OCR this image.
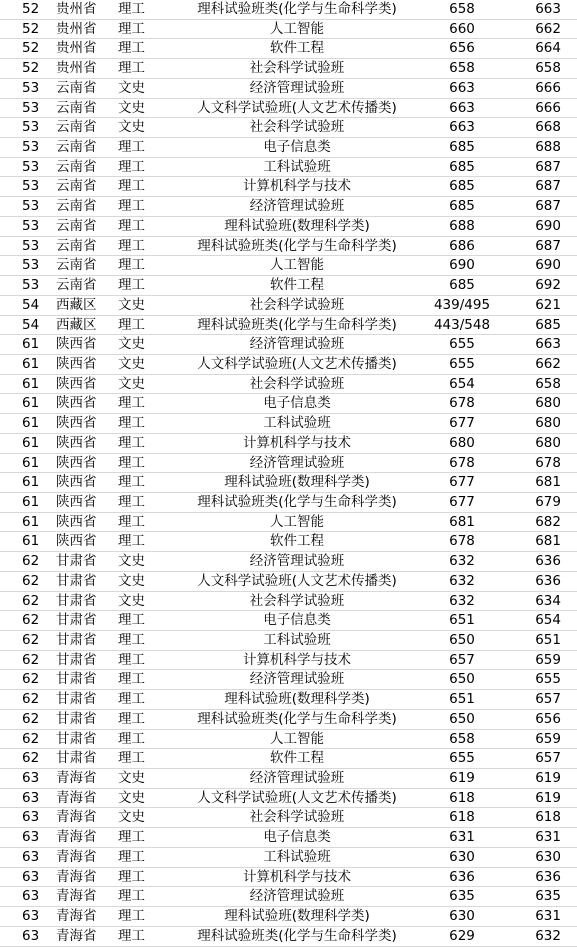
52	贵州省	理工	理科试验班类(化学与生命科学类)	658	663
52	贵州省	理工	人工智能	660	662
52	贵州省	理工	软件工程	656	664
52	贵州省	理工	社会科学试验班	658	658
53	云南省	文史	经济管理试验班	663	666
53	云南省	文史	人文科学试验班(人文艺术传播类)	663	666
53	云南省	文史	社会科学试验班	663	668
53	云南省	理工	电子信息类	685	688
53	云南省	理工	工科试验班	685	687
53	云南省	理工	计算机科学与技术	685	687
53	云南省	理工	经济管理试验班	685	687
53	云南省	理工	理科试验班(数理科学类)	688	690
53	云南省	理工	理科试验班类(化学与生命科学类)	686	687
53	云南省	理工	人工智能	690	690
53	云南省	理工	软件工程	685	692
54	西藏区	文史	社会科学试验班	439/495	621
54	西藏区	理工	理科试验班类(化学与生命科学类)	443/548	685
61	陕西省	文史	经济管理试验班	655	663
61	陕西省	文史	人文科学试验班(人文艺术传播类)	655	662
61	陕西省	文史	社会科学试验班	654	658
61	陕西省	理工	电子信息类	678	680
61	陕西省	理工	工科试验班	677	680
61	陕西省	理工	计算机科学与技术	680	680
61	陕西省	理工	经济管理试验班	678	678
61	陕西省	理工	理科试验班(数理科学类)	677	681
61	陕西省	理工	理科试验班类(化学与生命科学类)	677	679
61	陕西省	理工	人工智能	681	682
61	陕西省	理工	软件工程	678	681
62	甘肃省	文史	经济管理试验班	632	636
62	甘肃省	文史	人文科学试验班(人文艺术传播类)	632	636
62	甘肃省	文史	社会科学试验班	632	634
62	甘肃省	理工	电子信息类	651	654
62	甘肃省	理工	工科试验班	650	651
62	甘肃省	理工	计算机科学与技术	657	659
62	甘肃省	理工	经济管理试验班	650	655
62	甘肃省	理工	理科试验班(数理科学类)	651	657
62	甘肃省	理工	理科试验班类(化学与生命科学类)	650	656
62	甘肃省	理工	人工智能	658	659
62	甘肃省	理工	软件工程	655	657
63	青海省	文史	经济管理试验班	619	619
63	青海省	文史	人文科学试验班(人文艺术传播类)	618	619
63	青海省	文史	社会科学试验班	618	618
63	青海省	理工	电子信息类	631	631
63	青海省	理工	工科试验班	630	630
63	青海省	理工	计算机科学与技术	636	636
63	青海省	理工	经济管理试验班	635	635
63	青海省	理工	理科试验班(数理科学类)	630	631
63	青海省	理工	理科试验班类(化学与生命科学类)	629	632
